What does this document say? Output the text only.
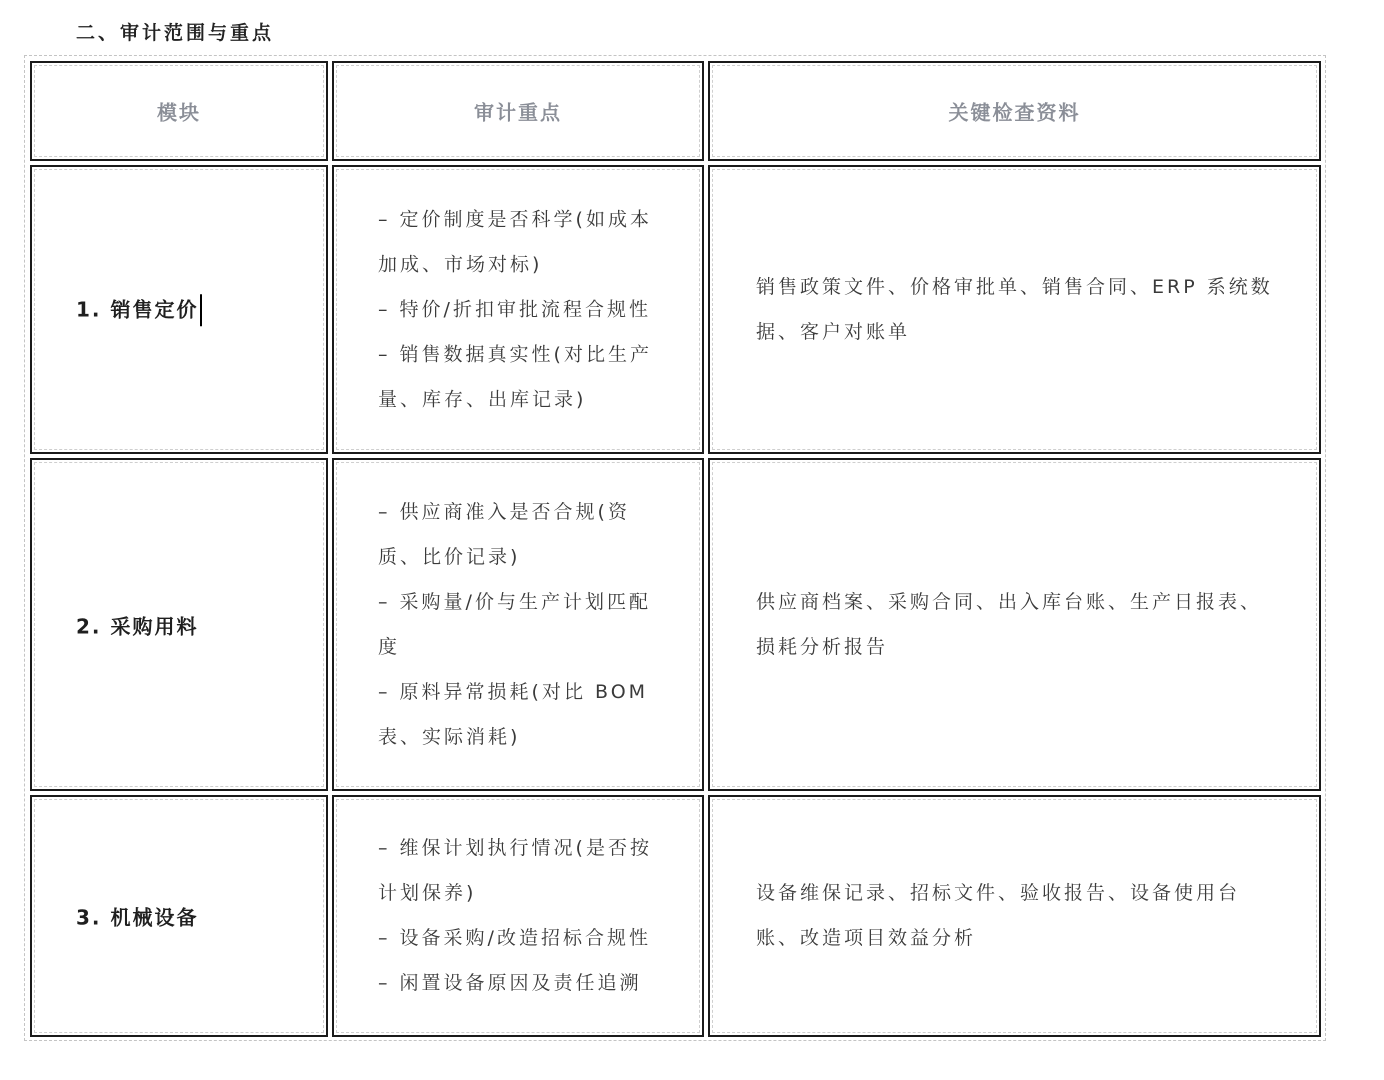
二、审计范围与重点
模块	审计重点	关键检查资料
1. 销售定价
– 定价制度是否科学(如成本加成、市场对标)
– 特价/折扣审批流程合规性
– 销售数据真实性(对比生产量、库存、出库记录)
销售政策文件、价格审批单、销售合同、ERP 系统数据、客户对账单
2. 采购用料
– 供应商准入是否合规(资质、比价记录)
– 采购量/价与生产计划匹配度
– 原料异常损耗(对比 BOM 表、实际消耗)
供应商档案、采购合同、出入库台账、生产日报表、损耗分析报告
3. 机械设备
– 维保计划执行情况(是否按计划保养)
– 设备采购/改造招标合规性
– 闲置设备原因及责任追溯
设备维保记录、招标文件、验收报告、设备使用台账、改造项目效益分析
